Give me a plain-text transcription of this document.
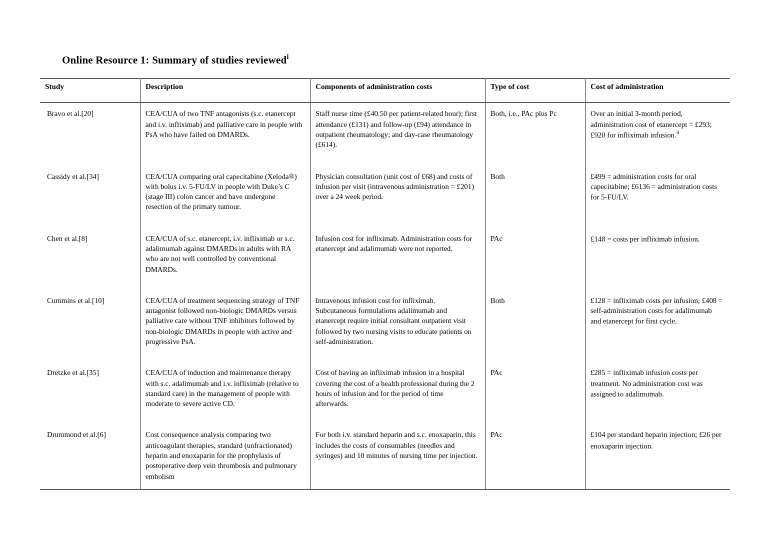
Online Resource 1: Summary of studies reviewed$^i$
Study	Description	Components of administration costs	Type of cost	Cost of administration
Bravo et al.[20]	CEA/CUA of two TNF antagonists (s.c. etanercept and i.v. infliximab) and palliative care in people with PsA who have failed on DMARDs.	Staff nurse time (£40.50 per patient-related hour); first attendance (£131) and follow-up (£94) attendance in outpatient rheumatology; and day-case rheumatology (£614).	Both, i.e., PAc plus Pc	Over an initial 3-month period, administration cost of etanercept = £293; £920 for infliximab infusion.$^{ii}$

Cassidy et al.[34]	CEA/CUA comparing oral capecitabine (Xeloda®) with bolus i.v. 5-FU/LV in people with Duke’s C (stage III) colon cancer and have undergone resection of the primary tumour.	Physician consultation (unit cost of £68) and costs of infusion per visit (intravenous administration = £201) over a 24 week period.	Both	£499 = administration costs for oral capecitabine; £6136 = administration costs for 5-FU/LV.

Chen et al.[8]	CEA/CUA of s.c. etanercept, i.v. infliximab or s.c. adalimumab against DMARDs in adults with RA who are not well controlled by conventional DMARDs.	Infusion cost for infliximab. Administration costs for etanercept and adalimumab were not reported.	PAc	£148 = costs per infliximab infusion.

Cummins et al.[10]	CEA/CUA of treatment sequencing strategy of TNF antagonist followed non-biologic DMARDs versus palliative care without TNF inhibitors followed by non-biologic DMARDs in people with active and progressive PsA.	Intravenous infusion cost for infliximab. Subcutaneous formulations adalimumab and etanercept require initial consultant outpatient visit followed by two nursing visits to educate patients on self-administration.	Both	£128 = infliximab costs per infusion; £408 = self-administration costs for adalimumab and etanercept for first cycle.

Dretzke et al.[35]	CEA/CUA of induction and maintenance therapy with s.c. adalimumab and i.v. infliximab (relative to standard care) in the management of people with moderate to severe active CD.	Cost of having an infliximab infusion in a hospital covering the cost of a health professional during the 2 hours of infusion and for the period of time afterwards.	PAc	£285 = infliximab infusion costs per treatment. No administration cost was assigned to adalimumab.

Drummond et al.[6]	Cost consequence analysis comparing two anticoagulant therapies, standard (unfractionated) heparin and enoxaparin for the prophylaxis of postoperative deep vein thrombosis and pulmonary embolism	For both i.v. standard heparin and s.c. enoxaparin, this includes the costs of consumables (needles and syringes) and 10 minutes of nursing time per injection.	PAc	£104 per standard heparin injection; £26 per enoxaparin injection.
